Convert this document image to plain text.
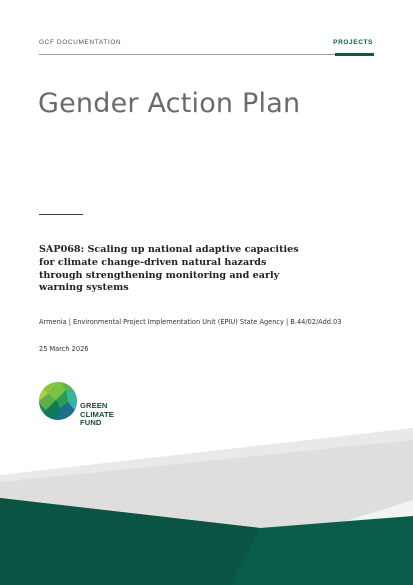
GCF DOCUMENTATION	PROJECTS
Gender Action Plan
SAP068: Scaling up national adaptive capacities for climate change-driven natural hazards through strengthening monitoring and early warning systems
Armenia | Environmental Project Implementation Unit (EPIU) State Agency | B.44/02/Add.03
25 March 2026
GREEN
CLIMATE
FUND
